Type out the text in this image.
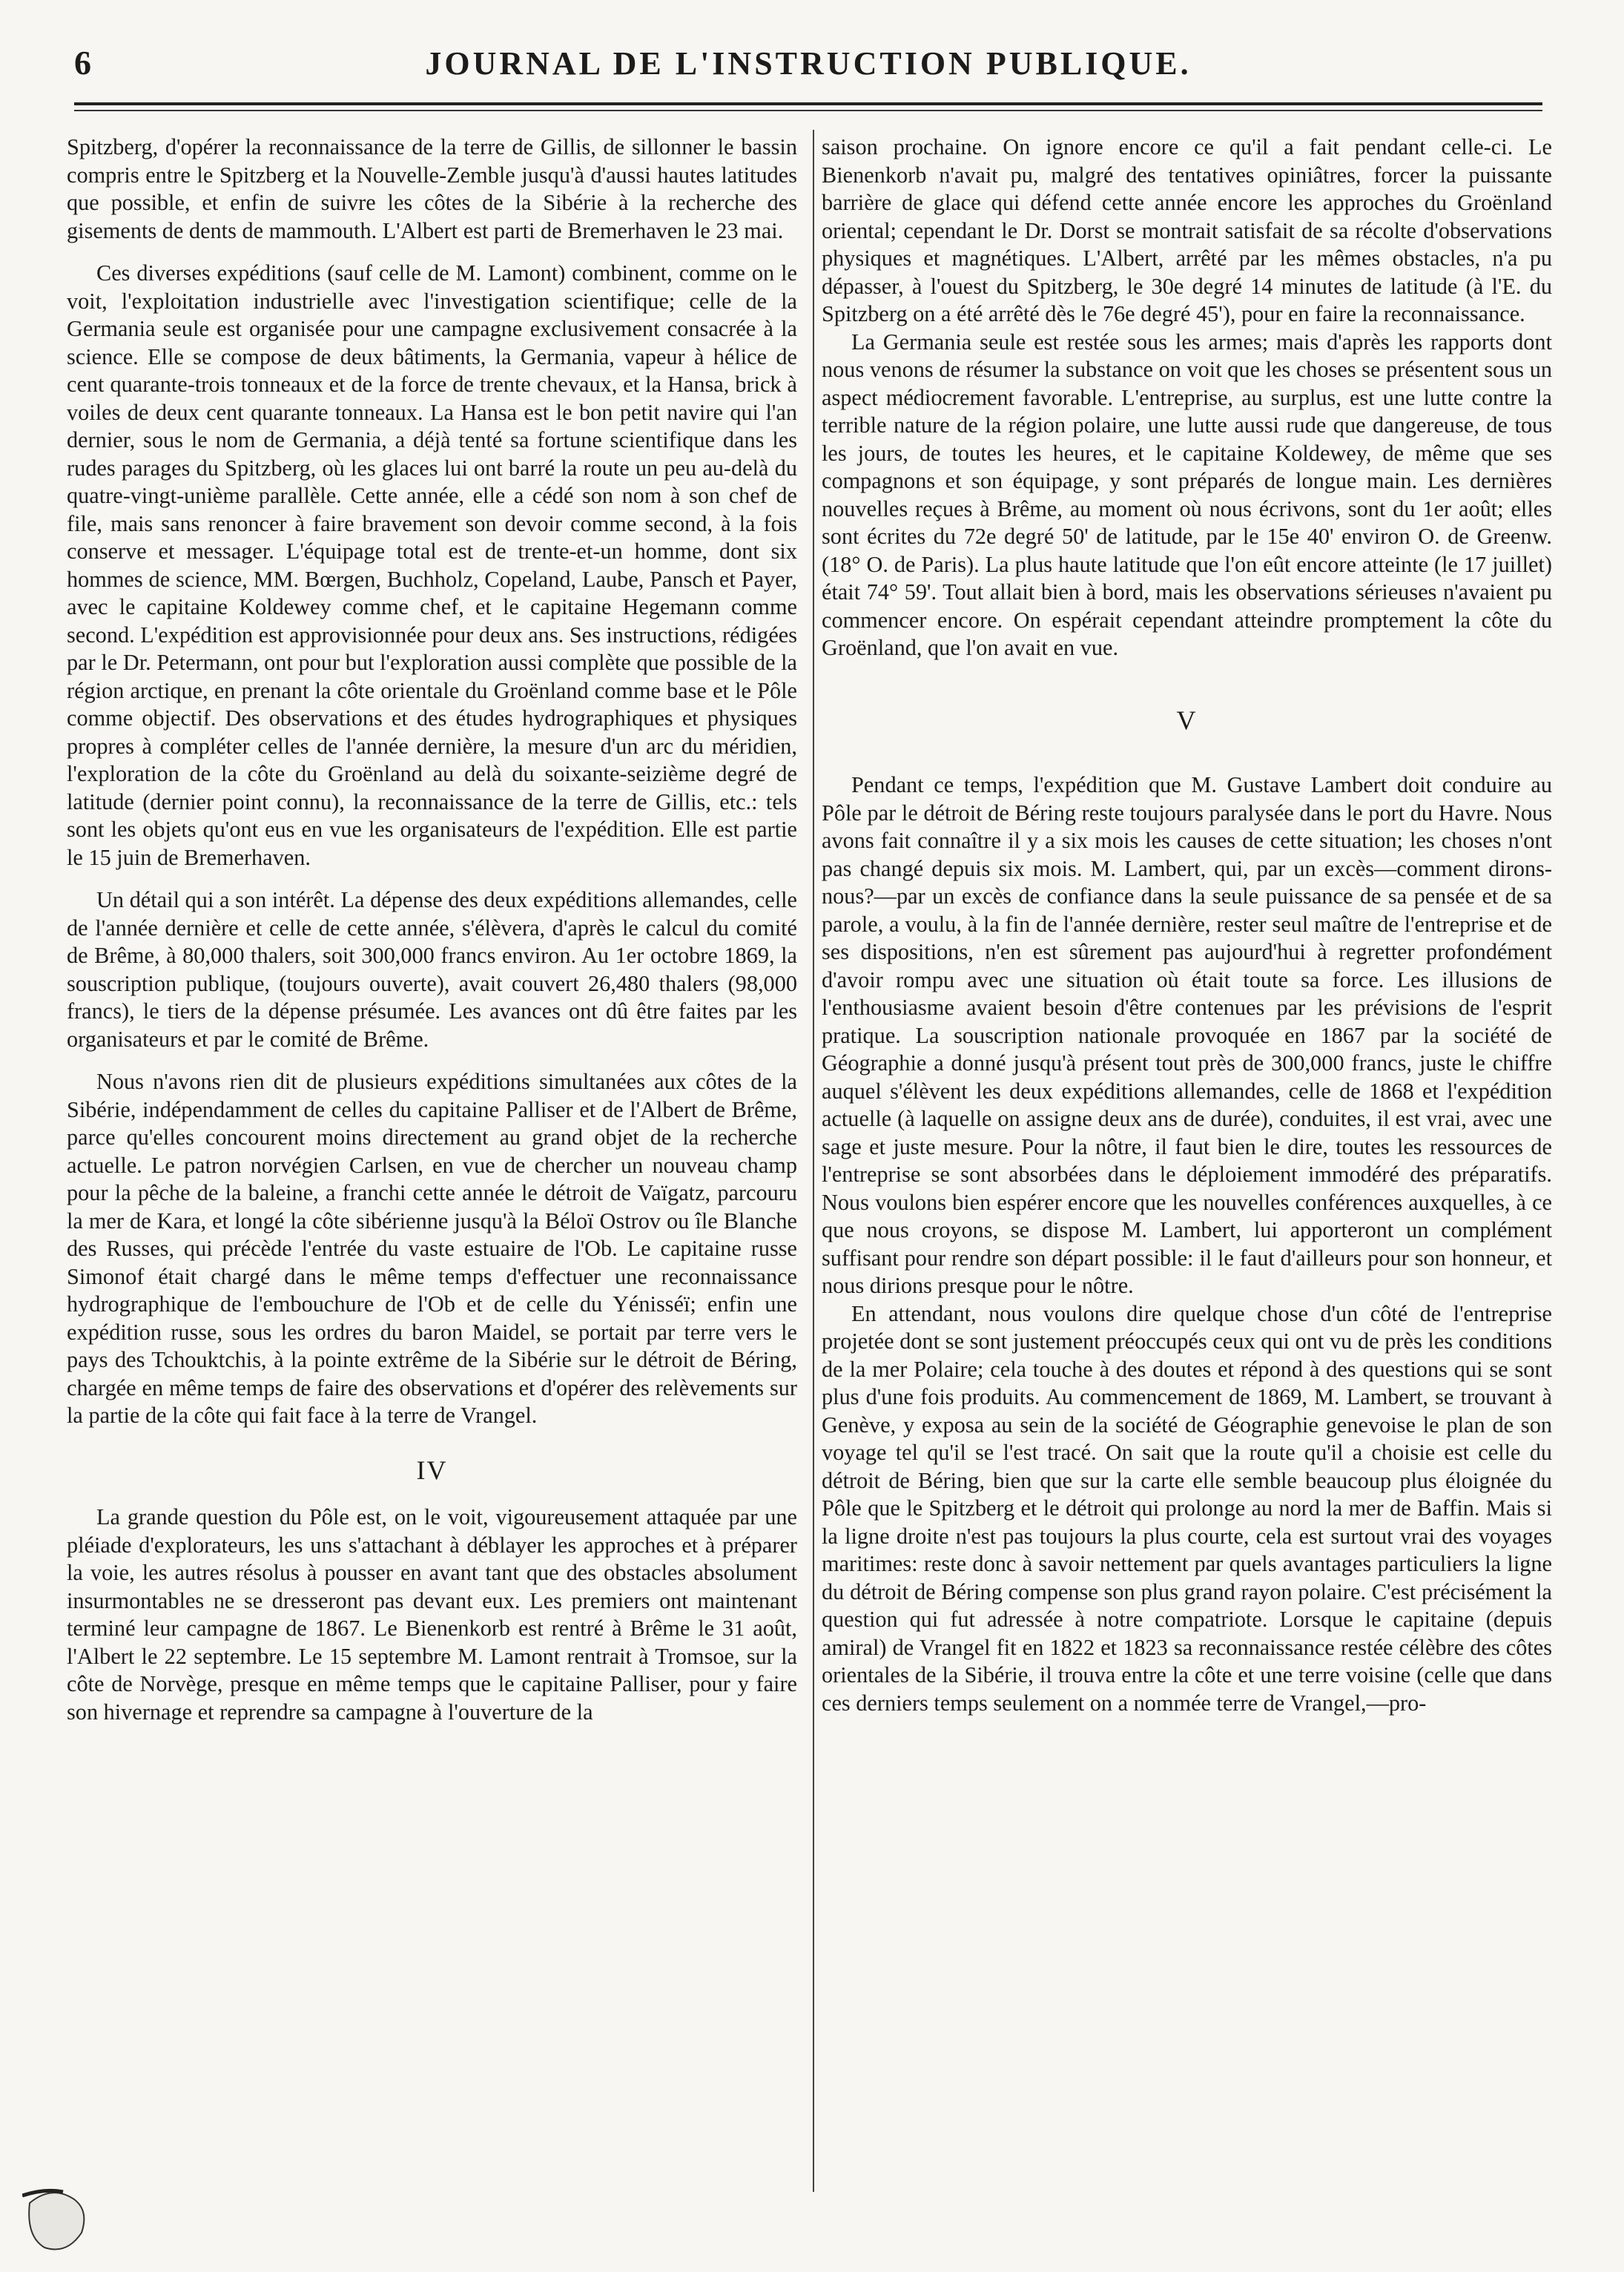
6	JOURNAL DE L'INSTRUCTION PUBLIQUE.

Spitzberg, d'opérer la reconnaissance de la terre de Gillis, de sillonner le bassin compris entre le Spitzberg et la Nouvelle-Zemble jusqu'à d'aussi hautes latitudes que possible, et enfin de suivre les côtes de la Sibérie à la recherche des gisements de dents de mammouth. L'Albert est parti de Bremerhaven le 23 mai.

Ces diverses expéditions (sauf celle de M. Lamont) combinent, comme on le voit, l'exploitation industrielle avec l'investigation scientifique; celle de la Germania seule est organisée pour une campagne exclusivement consacrée à la science. Elle se compose de deux bâtiments, la Germania, vapeur à hélice de cent quarante-trois tonneaux et de la force de trente chevaux, et la Hansa, brick à voiles de deux cent quarante tonneaux. La Hansa est le bon petit navire qui l'an dernier, sous le nom de Germania, a déjà tenté sa fortune scientifique dans les rudes parages du Spitzberg, où les glaces lui ont barré la route un peu au-delà du quatre-vingt-unième parallèle. Cette année, elle a cédé son nom à son chef de file, mais sans renoncer à faire bravement son devoir comme second, à la fois conserve et messager. L'équipage total est de trente-et-un homme, dont six hommes de science, MM. Bœrgen, Buchholz, Copeland, Laube, Pansch et Payer, avec le capitaine Koldewey comme chef, et le capitaine Hegemann comme second. L'expédition est approvisionnée pour deux ans. Ses instructions, rédigées par le Dr. Petermann, ont pour but l'exploration aussi complète que possible de la région arctique, en prenant la côte orientale du Groënland comme base et le Pôle comme objectif. Des observations et des études hydrographiques et physiques propres à compléter celles de l'année dernière, la mesure d'un arc du méridien, l'exploration de la côte du Groënland au delà du soixante-seizième degré de latitude (dernier point connu), la reconnaissance de la terre de Gillis, etc.: tels sont les objets qu'ont eus en vue les organisateurs de l'expédition. Elle est partie le 15 juin de Bremerhaven.

Un détail qui a son intérêt. La dépense des deux expéditions allemandes, celle de l'année dernière et celle de cette année, s'élèvera, d'après le calcul du comité de Brême, à 80,000 thalers, soit 300,000 francs environ. Au 1er octobre 1869, la souscription publique, (toujours ouverte), avait couvert 26,480 thalers (98,000 francs), le tiers de la dépense présumée. Les avances ont dû être faites par les organisateurs et par le comité de Brême.

Nous n'avons rien dit de plusieurs expéditions simultanées aux côtes de la Sibérie, indépendamment de celles du capitaine Palliser et de l'Albert de Brême, parce qu'elles concourent moins directement au grand objet de la recherche actuelle. Le patron norvégien Carlsen, en vue de chercher un nouveau champ pour la pêche de la baleine, a franchi cette année le détroit de Vaïgatz, parcouru la mer de Kara, et longé la côte sibérienne jusqu'à la Béloï Ostrov ou île Blanche des Russes, qui précède l'entrée du vaste estuaire de l'Ob. Le capitaine russe Simonof était chargé dans le même temps d'effectuer une reconnaissance hydrographique de l'embouchure de l'Ob et de celle du Yénisséï; enfin une expédition russe, sous les ordres du baron Maidel, se portait par terre vers le pays des Tchouktchis, à la pointe extrême de la Sibérie sur le détroit de Béring, chargée en même temps de faire des observations et d'opérer des relèvements sur la partie de la côte qui fait face à la terre de Vrangel.

IV

La grande question du Pôle est, on le voit, vigoureusement attaquée par une pléiade d'explorateurs, les uns s'attachant à déblayer les approches et à préparer la voie, les autres résolus à pousser en avant tant que des obstacles absolument insurmontables ne se dresseront pas devant eux. Les premiers ont maintenant terminé leur campagne de 1867. Le Bienenkorb est rentré à Brême le 31 août, l'Albert le 22 septembre. Le 15 septembre M. Lamont rentrait à Tromsoe, sur la côte de Norvège, presque en même temps que le capitaine Palliser, pour y faire son hivernage et reprendre sa campagne à l'ouverture de la

saison prochaine. On ignore encore ce qu'il a fait pendant celle-ci. Le Bienenkorb n'avait pu, malgré des tentatives opiniâtres, forcer la puissante barrière de glace qui défend cette année encore les approches du Groënland oriental; cependant le Dr. Dorst se montrait satisfait de sa récolte d'observations physiques et magnétiques. L'Albert, arrêté par les mêmes obstacles, n'a pu dépasser, à l'ouest du Spitzberg, le 30e degré 14 minutes de latitude (à l'E. du Spitzberg on a été arrêté dès le 76e degré 45'), pour en faire la reconnaissance.

La Germania seule est restée sous les armes; mais d'après les rapports dont nous venons de résumer la substance on voit que les choses se présentent sous un aspect médiocrement favorable. L'entreprise, au surplus, est une lutte contre la terrible nature de la région polaire, une lutte aussi rude que dangereuse, de tous les jours, de toutes les heures, et le capitaine Koldewey, de même que ses compagnons et son équipage, y sont préparés de longue main. Les dernières nouvelles reçues à Brême, au moment où nous écrivons, sont du 1er août; elles sont écrites du 72e degré 50' de latitude, par le 15e 40' environ O. de Greenw. (18° O. de Paris). La plus haute latitude que l'on eût encore atteinte (le 17 juillet) était 74° 59'. Tout allait bien à bord, mais les observations sérieuses n'avaient pu commencer encore. On espérait cependant atteindre promptement la côte du Groënland, que l'on avait en vue.

V

Pendant ce temps, l'expédition que M. Gustave Lambert doit conduire au Pôle par le détroit de Béring reste toujours paralysée dans le port du Havre. Nous avons fait connaître il y a six mois les causes de cette situation; les choses n'ont pas changé depuis six mois. M. Lambert, qui, par un excès—comment dirons-nous?—par un excès de confiance dans la seule puissance de sa pensée et de sa parole, a voulu, à la fin de l'année dernière, rester seul maître de l'entreprise et de ses dispositions, n'en est sûrement pas aujourd'hui à regretter profondément d'avoir rompu avec une situation où était toute sa force. Les illusions de l'enthousiasme avaient besoin d'être contenues par les prévisions de l'esprit pratique. La souscription nationale provoquée en 1867 par la société de Géographie a donné jusqu'à présent tout près de 300,000 francs, juste le chiffre auquel s'élèvent les deux expéditions allemandes, celle de 1868 et l'expédition actuelle (à laquelle on assigne deux ans de durée), conduites, il est vrai, avec une sage et juste mesure. Pour la nôtre, il faut bien le dire, toutes les ressources de l'entreprise se sont absorbées dans le déploiement immodéré des préparatifs. Nous voulons bien espérer encore que les nouvelles conférences auxquelles, à ce que nous croyons, se dispose M. Lambert, lui apporteront un complément suffisant pour rendre son départ possible: il le faut d'ailleurs pour son honneur, et nous dirions presque pour le nôtre.

En attendant, nous voulons dire quelque chose d'un côté de l'entreprise projetée dont se sont justement préoccupés ceux qui ont vu de près les conditions de la mer Polaire; cela touche à des doutes et répond à des questions qui se sont plus d'une fois produits. Au commencement de 1869, M. Lambert, se trouvant à Genève, y exposa au sein de la société de Géographie genevoise le plan de son voyage tel qu'il se l'est tracé. On sait que la route qu'il a choisie est celle du détroit de Béring, bien que sur la carte elle semble beaucoup plus éloignée du Pôle que le Spitzberg et le détroit qui prolonge au nord la mer de Baffin. Mais si la ligne droite n'est pas toujours la plus courte, cela est surtout vrai des voyages maritimes: reste donc à savoir nettement par quels avantages particuliers la ligne du détroit de Béring compense son plus grand rayon polaire. C'est précisément la question qui fut adressée à notre compatriote. Lorsque le capitaine (depuis amiral) de Vrangel fit en 1822 et 1823 sa reconnaissance restée célèbre des côtes orientales de la Sibérie, il trouva entre la côte et une terre voisine (celle que dans ces derniers temps seulement on a nommée terre de Vrangel,—pro-
